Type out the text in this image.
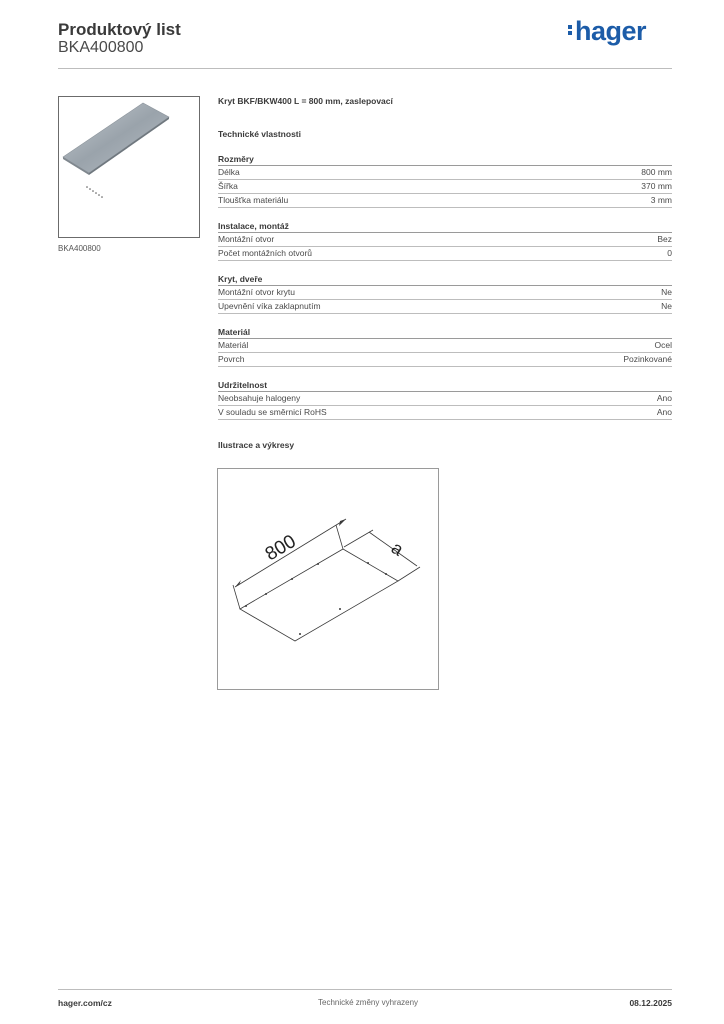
Produktový list
BKA400800
hager
BKA400800
Kryt BKF/BKW400 L = 800 mm, zaslepovací
Technické vlastnosti
Rozměry
Délka	800 mm
Šířka	370 mm
Tloušťka materiálu	3 mm
Instalace, montáž
Montážní otvor	Bez
Počet montážních otvorů	0
Kryt, dveře
Montážní otvor krytu	Ne
Upevnění víka zaklapnutím	Ne
Materiál
Materiál	Ocel
Povrch	Pozinkované
Udržitelnost
Neobsahuje halogeny	Ano
V souladu se směrnicí RoHS	Ano
Ilustrace a výkresy
800	a
hager.com/cz	Technické změny vyhrazeny	08.12.2025
